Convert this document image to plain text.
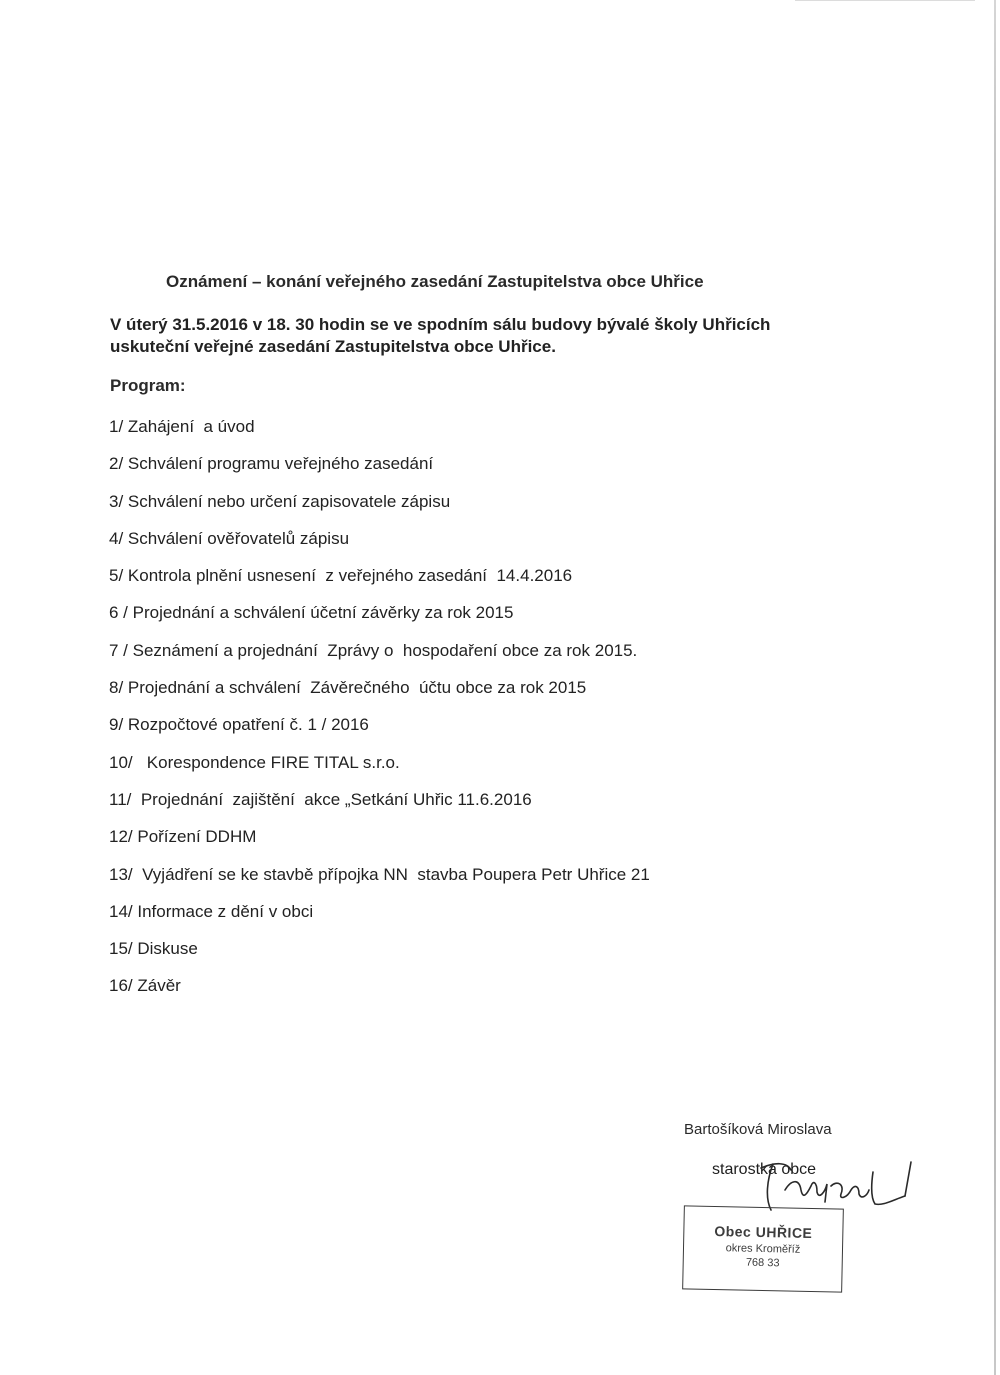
Oznámení – konání veřejného zasedání Zastupitelstva obce Uhřice
V úterý 31.5.2016 v 18. 30 hodin se ve spodním sálu budovy bývalé školy Uhřicích
uskuteční veřejné zasedání Zastupitelstva obce Uhřice.
Program:
1/ Zahájení  a úvod
2/ Schválení programu veřejného zasedání
3/ Schválení nebo určení zapisovatele zápisu
4/ Schválení ověřovatelů zápisu
5/ Kontrola plnění usnesení  z veřejného zasedání  14.4.2016
6 / Projednání a schválení účetní závěrky za rok 2015
7 / Seznámení a projednání  Zprávy o  hospodaření obce za rok 2015.
8/ Projednání a schválení  Závěrečného  účtu obce za rok 2015
9/ Rozpočtové opatření č. 1 / 2016
10/   Korespondence FIRE TITAL s.r.o.
11/  Projednání  zajištění  akce „Setkání Uhřic 11.6.2016
12/ Pořízení DDHM
13/  Vyjádření se ke stavbě přípojka NN  stavba Poupera Petr Uhřice 21
14/ Informace z dění v obci
15/ Diskuse
16/ Závěr
Bartošíková Miroslava
starostka obce
Obec UHŘICE
okres Kroměříž
768 33
